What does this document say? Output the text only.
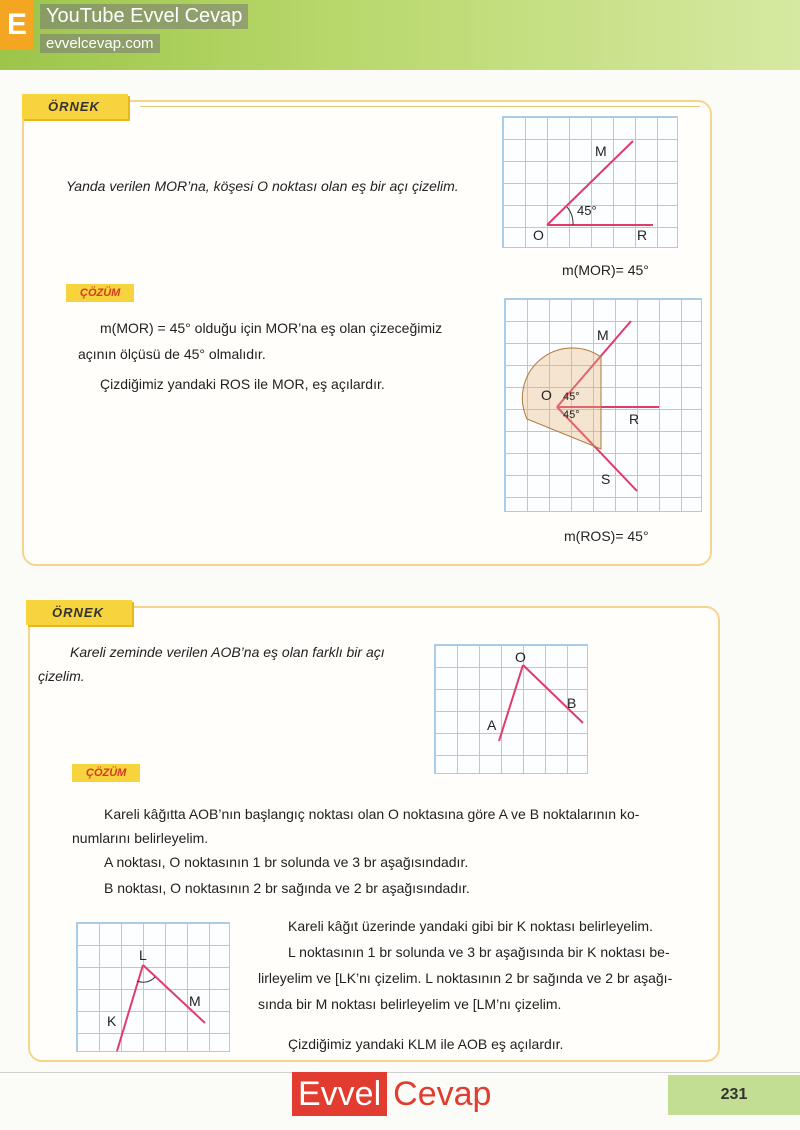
E YouTube Evvel Cevap
evvelcevap.com
ÖRNEK
Yanda verilen MOR’na, köşesi O noktası olan eş bir açı çizelim.
M
45°
O	R
m(MOR)= 45°
ÇÖZÜM
m(MOR) = 45° olduğu için MOR’na eş olan çizeceğimiz
açının ölçüsü de 45° olmalıdır.
Çizdiğimiz yandaki ROS ile MOR, eş açılardır.
M
O 45°
45°	R
S
m(ROS)= 45°
ÖRNEK
Kareli zeminde verilen AOB’na eş olan farklı bir açı
çizelim.
O
A
B
ÇÖZÜM
Kareli kâğıtta AOB’nın başlangıç noktası olan O noktasına göre A ve B noktalarının ko-
numlarını belirleyelim.
A noktası, O noktasının 1 br solunda ve 3 br aşağısındadır.
B noktası, O noktasının 2 br sağında ve 2 br aşağısındadır.
L
K
M
Kareli kâğıt üzerinde yandaki gibi bir K noktası belirleyelim.
L noktasının 1 br solunda ve 3 br aşağısında bir K noktası be-
lirleyelim ve [LK’nı çizelim. L noktasının 2 br sağında ve 2 br aşağı-
sında bir M noktası belirleyelim ve [LM’nı çizelim.
Çizdiğimiz yandaki KLM ile AOB eş açılardır.
Evvel Cevap	231
